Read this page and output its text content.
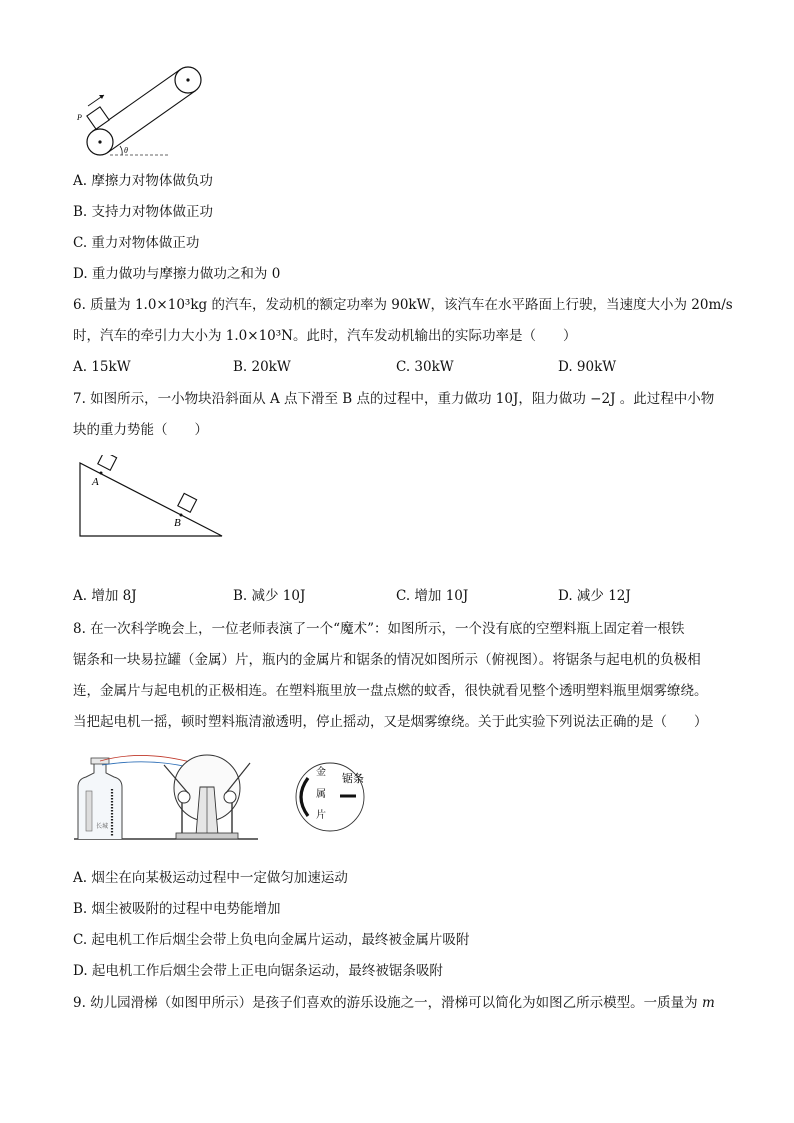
P
θ
A. 摩擦力对物体做负功
B. 支持力对物体做正功
C. 重力对物体做正功
D. 重力做功与摩擦力做功之和为 0
6. 质量为 1.0×10³kg 的汽车，发动机的额定功率为 90kW，该汽车在水平路面上行驶，当速度大小为 20m/s
时，汽车的牵引力大小为 1.0×10³N。此时，汽车发动机输出的实际功率是（　　）
A. 15kW	B. 20kW	C. 30kW	D. 90kW
7. 如图所示，一小物块沿斜面从 A 点下滑至 B 点的过程中，重力做功 10J，阻力做功 −2J 。此过程中小物
块的重力势能（　　）
A
B
A. 增加 8J	B. 减少 10J	C. 增加 10J	D. 减少 12J
8. 在一次科学晚会上，一位老师表演了一个“魔术”：如图所示，一个没有底的空塑料瓶上固定着一根铁
锯条和一块易拉罐（金属）片，瓶内的金属片和锯条的情况如图所示（俯视图）。将锯条与起电机的负极相
连，金属片与起电机的正极相连。在塑料瓶里放一盘点燃的蚊香，很快就看见整个透明塑料瓶里烟雾缭绕。
当把起电机一摇，顿时塑料瓶清澈透明，停止摇动，又是烟雾缭绕。关于此实验下列说法正确的是（　　）
长城
金
属
片
锯条
A. 烟尘在向某极运动过程中一定做匀加速运动
B. 烟尘被吸附的过程中电势能增加
C. 起电机工作后烟尘会带上负电向金属片运动，最终被金属片吸附
D. 起电机工作后烟尘会带上正电向锯条运动，最终被锯条吸附
9. 幼儿园滑梯（如图甲所示）是孩子们喜欢的游乐设施之一，滑梯可以简化为如图乙所示模型。一质量为 m
